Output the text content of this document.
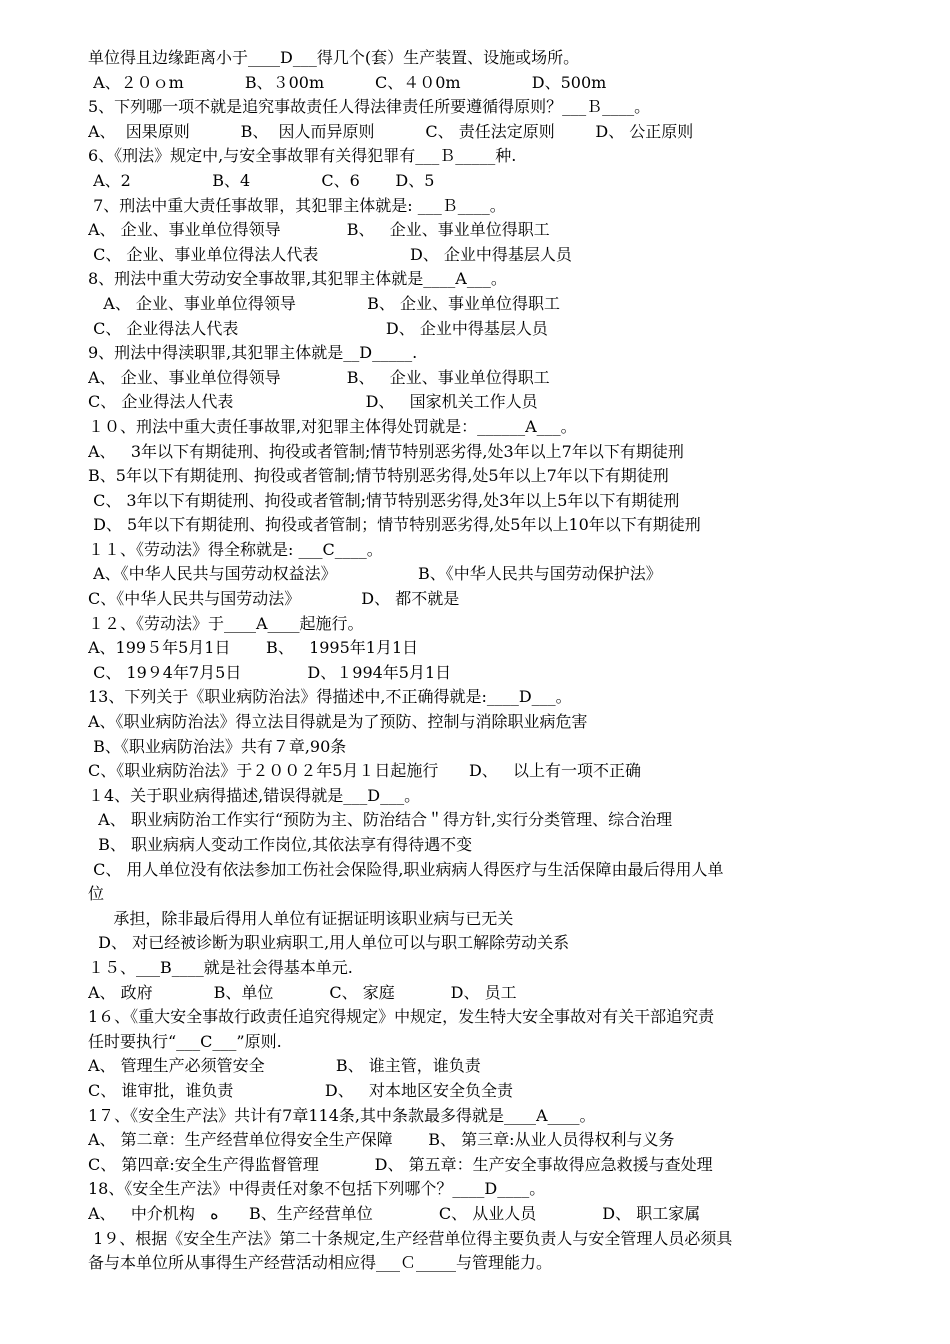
单位得且边缘距离小于____D___得几个(套）生产装置、设施或场所。
A、２０ｏm            B、３00m          C、４０0m              D、500m
5、下列哪一项不就是追究事故责任人得法律责任所要遵循得原则？___Ｂ____。
A、  因果原则          B、  因人而异原则          C、 责任法定原则        D、 公正原则
6、《刑法》规定中,与安全事故罪有关得犯罪有___Ｂ_____种.
A、2                B、4              C、6       D、5
7、刑法中重大责任事故罪，其犯罪主体就是: ___Ｂ____。
A、 企业、事业单位得领导             B、   企业、事业单位得职工
C、 企业、事业单位得法人代表                  D、 企业中得基层人员
8、刑法中重大劳动安全事故罪,其犯罪主体就是____A___。
A、 企业、事业单位得领导              B、 企业、事业单位得职工
C、 企业得法人代表                             D、 企业中得基层人员
9、刑法中得渎职罪,其犯罪主体就是__D_____.
A、 企业、事业单位得领导             B、   企业、事业单位得职工
C、 企业得法人代表                          D、   国家机关工作人员
１０、刑法中重大责任事故罪,对犯罪主体得处罚就是：______A___。
A、   3年以下有期徒刑、拘役或者管制;情节特别恶劣得,处3年以上7年以下有期徒刑
B、5年以下有期徒刑、拘役或者管制;情节特别恶劣得,处5年以上7年以下有期徒刑
C、 3年以下有期徒刑、拘役或者管制;情节特别恶劣得,处3年以上5年以下有期徒刑
D、 5年以下有期徒刑、拘役或者管制；情节特别恶劣得,处5年以上10年以下有期徒刑
１１、《劳动法》得全称就是: ___C____。
A、《中华人民共与国劳动权益法》                B、《中华人民共与国劳动保护法》
C、《中华人民共与国劳动法》            D、 都不就是
１２、《劳动法》于____A____起施行。
A、199５年5月1日       B、   1995年1月1日
C、 19９4年7月5日             D、１994年5月1日
13、下列关于《职业病防治法》得描述中,不正确得就是:____D___。
A、《职业病防治法》得立法目得就是为了预防、控制与消除职业病危害
B、《职业病防治法》共有７章,90条
C、《职业病防治法》于２００２年5月１日起施行      D、   以上有一项不正确
１4、关于职业病得描述,错误得就是___D___。
A、 职业病防治工作实行“预防为主、防治结合＂得方针,实行分类管理、综合治理
B、 职业病病人变动工作岗位,其依法享有得待遇不变
C、 用人单位没有依法参加工伤社会保险得,职业病病人得医疗与生活保障由最后得用人单
位
承担，除非最后得用人单位有证据证明该职业病与已无关
D、 对已经被诊断为职业病职工,用人单位可以与职工解除劳动关系
１５、___B____就是社会得基本单元.
A、 政府            B、单位           C、 家庭           D、 员工
1６、《重大安全事故行政责任追究得规定》中规定，发生特大安全事故对有关干部追究责
任时要执行“___C___”原则.
A、 管理生产必须管安全              B、 谁主管，谁负责
C、 谁审批，谁负责                  D、   对本地区安全负全责
1７、《安全生产法》共计有7章114条,其中条款最多得就是____A____。
A、 第二章：生产经营单位得安全生产保障       B、 第三章:从业人员得权利与义务
C、 第四章:安全生产得监督管理           D、 第五章：生产安全事故得应急救援与查处理
18、《安全生产法》中得责任对象不包括下列哪个？____D____。
A、   中介机构   ﻩ      B、生产经营单位             C、 从业人员             D、 职工家属
1９、根据《安全生产法》第二十条规定,生产经营单位得主要负责人与安全管理人员必须具
备与本单位所从事得生产经营活动相应得___Ｃ_____与管理能力。
